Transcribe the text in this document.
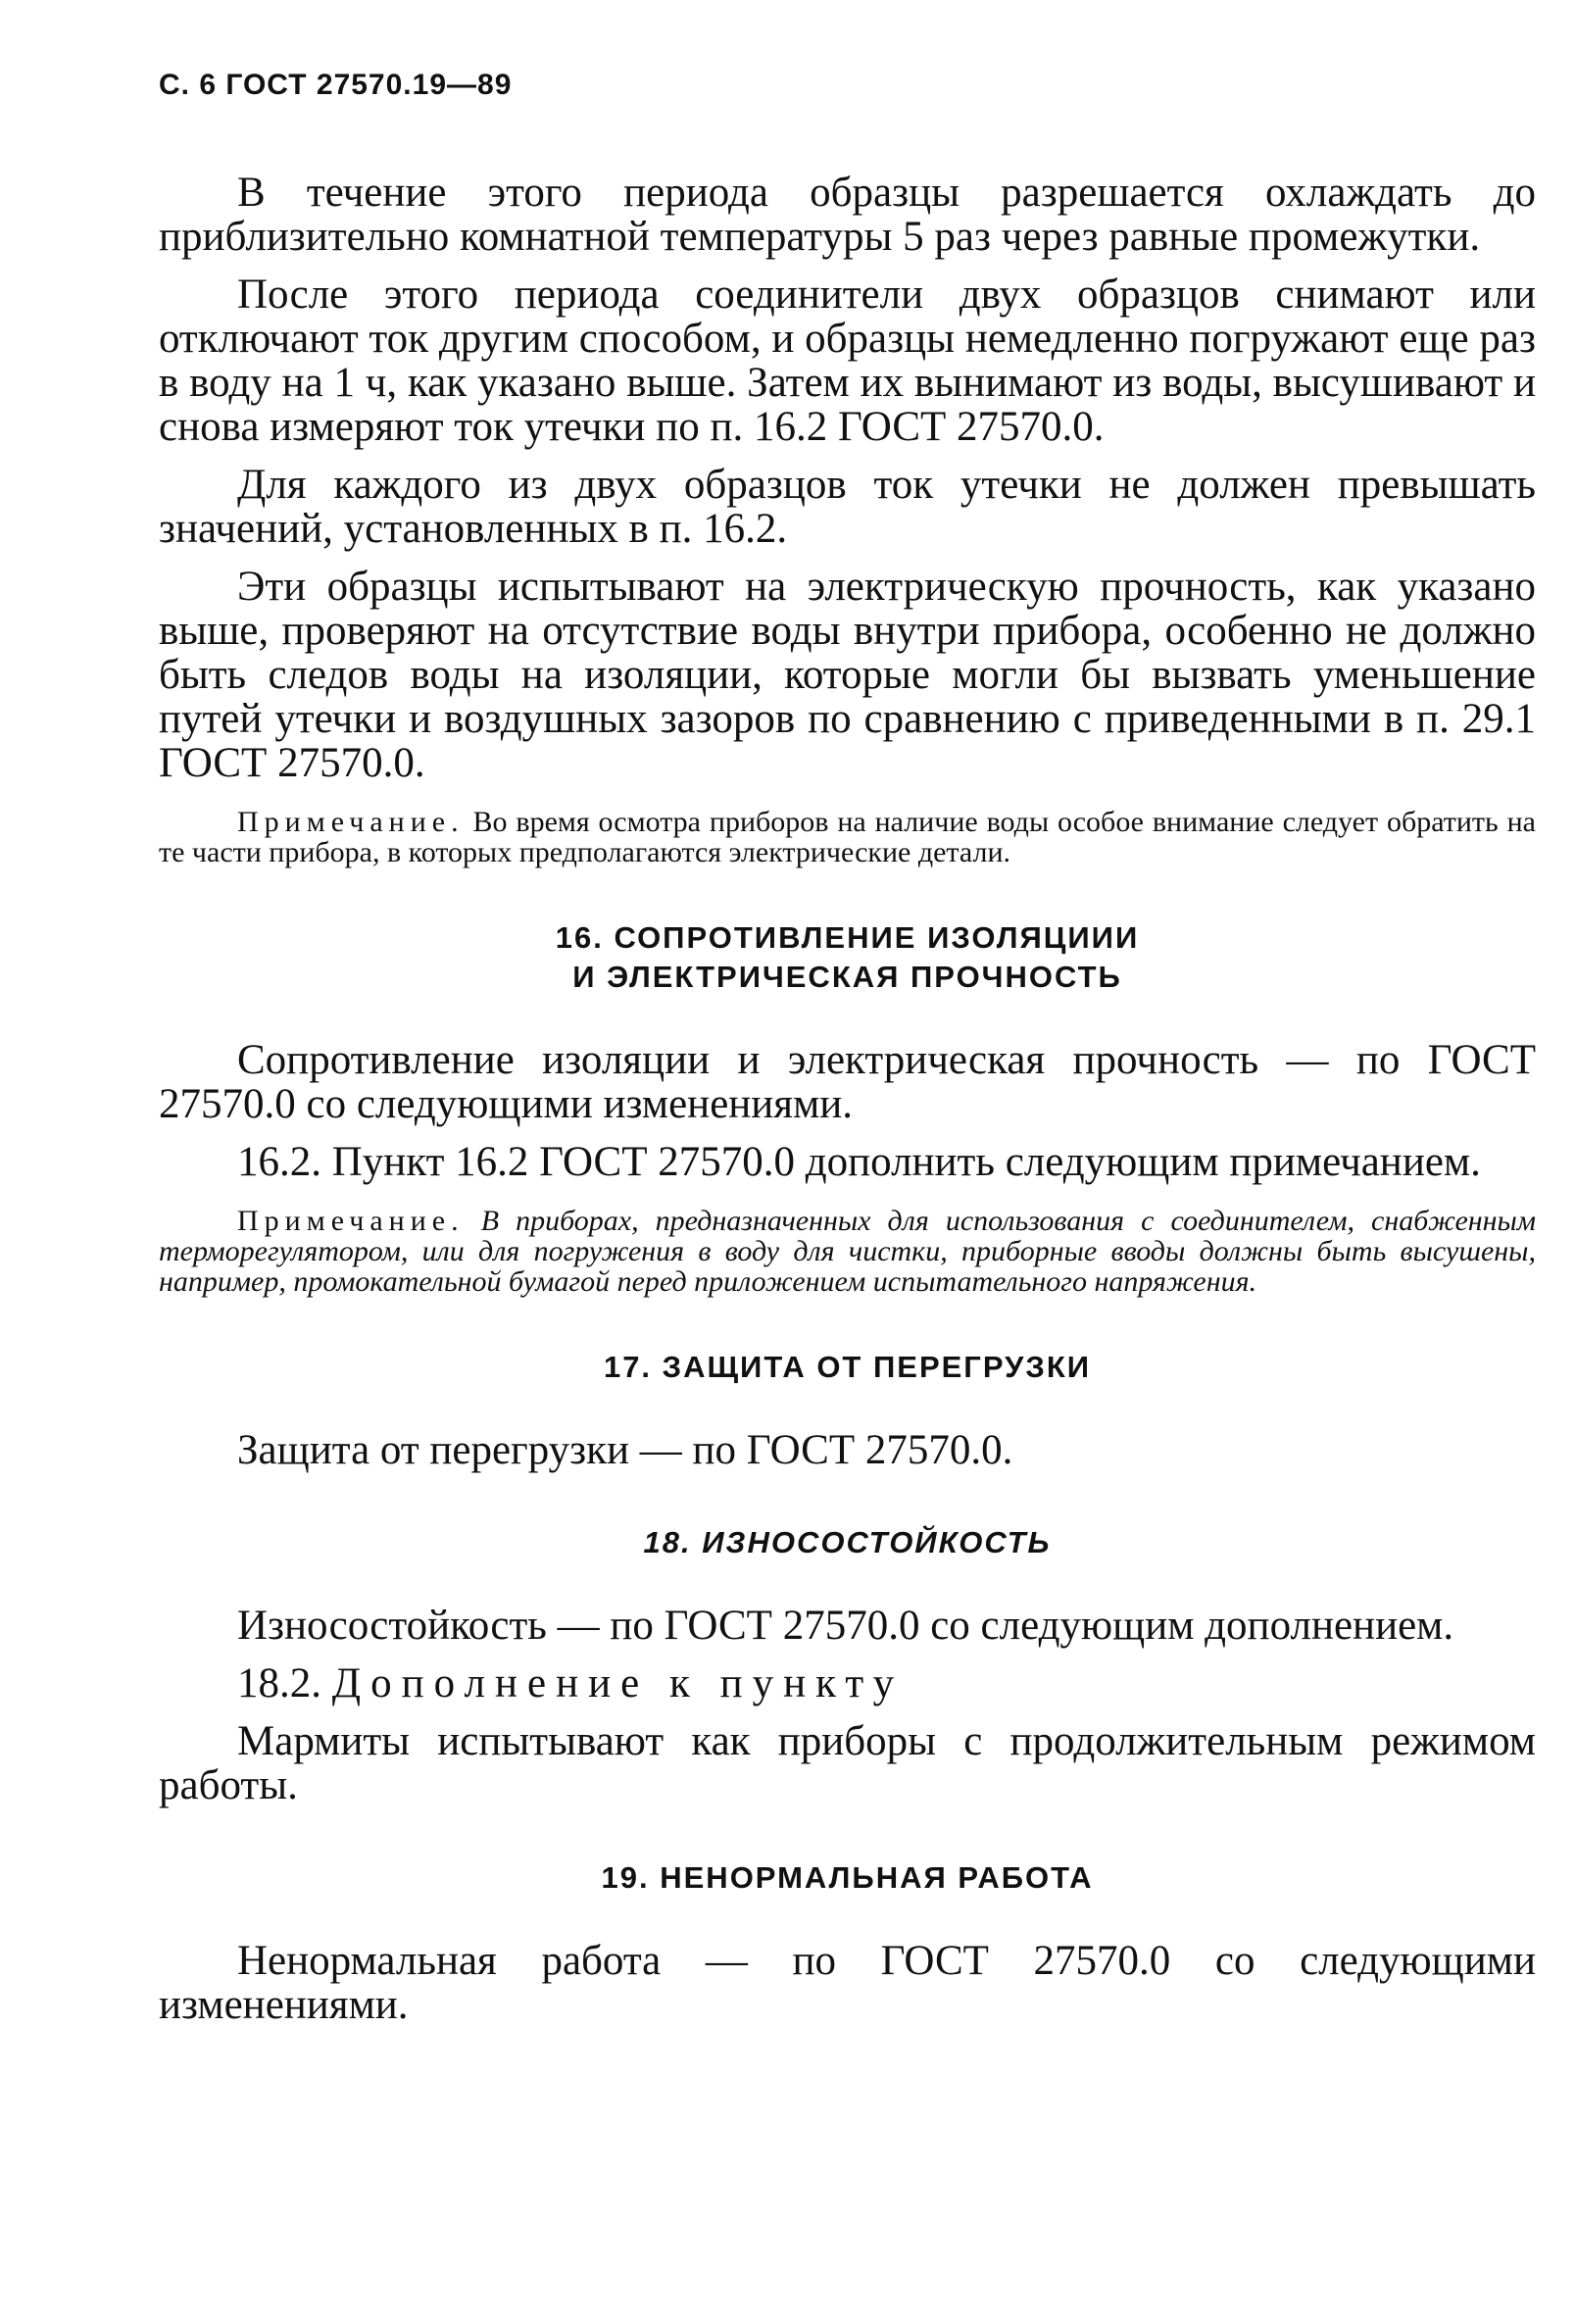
С. 6 ГОСТ 27570.19—89

В течение этого периода образцы разрешается охлаждать до приблизительно комнатной температуры 5 раз через равные промежутки.

После этого периода соединители двух образцов снимают или отключают ток другим способом, и образцы немедленно погружают еще раз в воду на 1 ч, как указано выше. Затем их вынимают из воды, высушивают и снова измеряют ток утечки по п. 16.2 ГОСТ 27570.0.

Для каждого из двух образцов ток утечки не должен превышать значений, установленных в п. 16.2.

Эти образцы испытывают на электрическую прочность, как указано выше, проверяют на отсутствие воды внутри прибора, особенно не должно быть следов воды на изоляции, которые могли бы вызвать уменьшение путей утечки и воздушных зазоров по сравнению с приведенными в п. 29.1 ГОСТ 27570.0.

Примечание. Во время осмотра приборов на наличие воды особое внимание следует обратить на те части прибора, в которых предполагаются электрические детали.

16. СОПРОТИВЛЕНИЕ ИЗОЛЯЦИИИ
И ЭЛЕКТРИЧЕСКАЯ ПРОЧНОСТЬ

Сопротивление изоляции и электрическая прочность — по ГОСТ 27570.0 со следующими изменениями.

16.2. Пункт 16.2 ГОСТ 27570.0 дополнить следующим примечанием.

Примечание. В приборах, предназначенных для использования с соединителем, снабженным терморегулятором, или для погружения в воду для чистки, приборные вводы должны быть высушены, например, промокательной бумагой перед приложением испытательного напряжения.

17. ЗАЩИТА ОТ ПЕРЕГРУЗКИ

Защита от перегрузки — по ГОСТ 27570.0.

18. ИЗНОСОСТОЙКОСТЬ

Износостойкость — по ГОСТ 27570.0 со следующим дополнением.

18.2. Дополнение к пункту

Мармиты испытывают как приборы с продолжительным режимом работы.

19. НЕНОРМАЛЬНАЯ РАБОТА

Ненормальная работа — по ГОСТ 27570.0 со следующими изменениями.
